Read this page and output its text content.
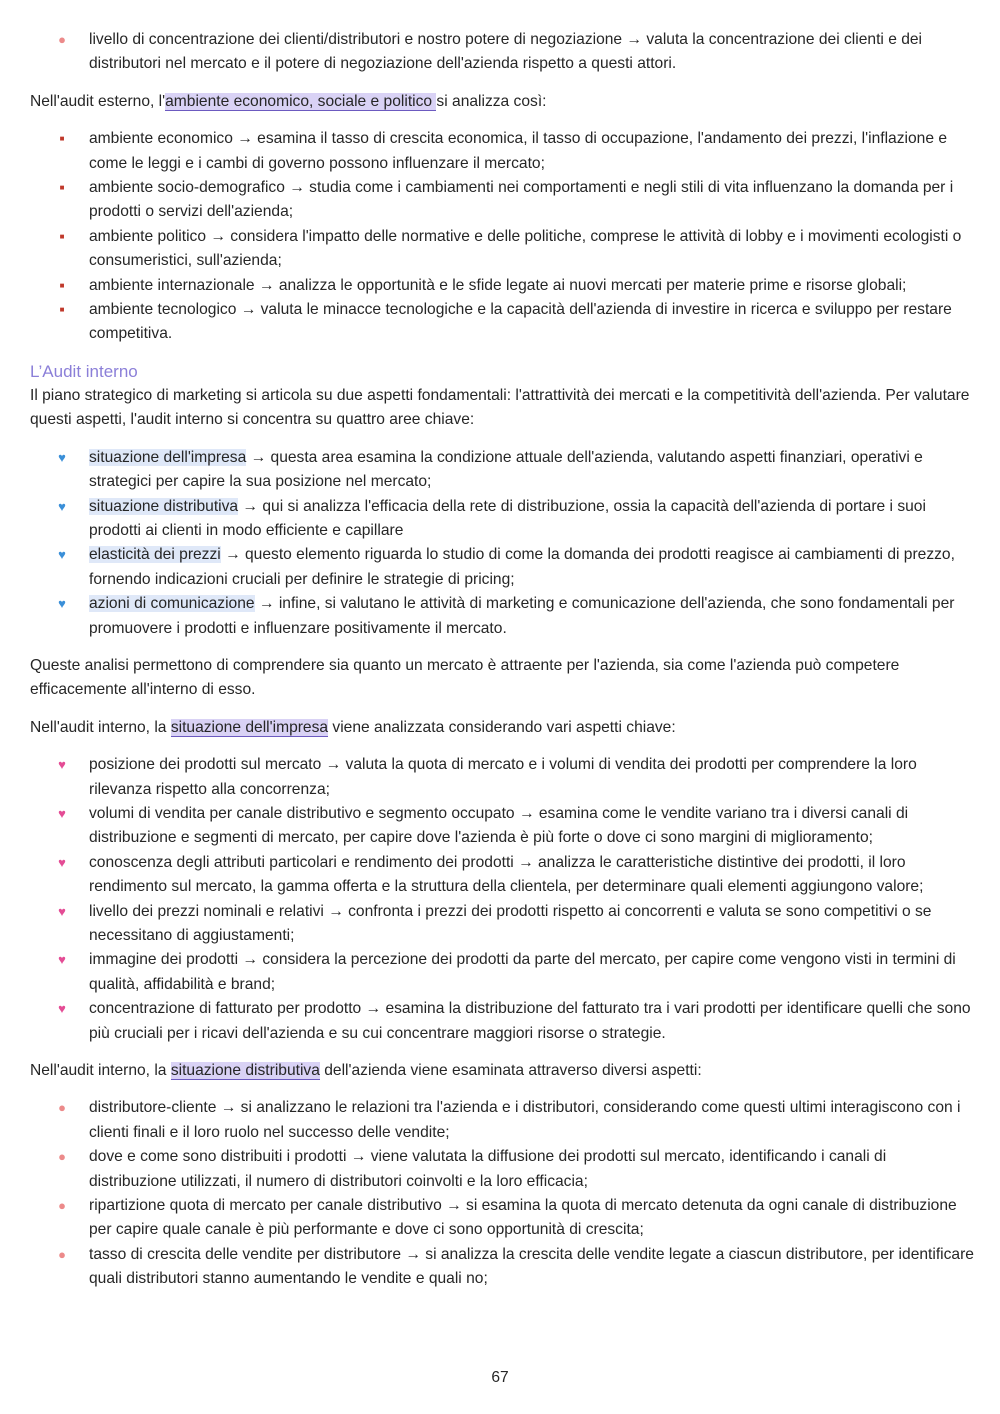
● livello di concentrazione dei clienti/distributori e nostro potere di negoziazione → valuta la concentrazione dei clienti e dei distributori nel mercato e il potere di negoziazione dell'azienda rispetto a questi attori.

Nell'audit esterno, l'ambiente economico, sociale e politico si analizza così:

■	ambiente economico → esamina il tasso di crescita economica, il tasso di occupazione, l'andamento dei prezzi, l'inflazione e come le leggi e i cambi di governo possono influenzare il mercato;
■	ambiente socio-demografico → studia come i cambiamenti nei comportamenti e negli stili di vita influenzano la domanda per i prodotti o servizi dell'azienda;
■	ambiente politico → considera l'impatto delle normative e delle politiche, comprese le attività di lobby e i movimenti ecologisti o consumeristici, sull'azienda;
■	ambiente internazionale → analizza le opportunità e le sfide legate ai nuovi mercati per materie prime e risorse globali;
■	ambiente tecnologico → valuta le minacce tecnologiche e la capacità dell'azienda di investire in ricerca e sviluppo per restare competitiva.
L’Audit interno

Il piano strategico di marketing si articola su due aspetti fondamentali: l'attrattività dei mercati e la competitività dell'azienda. Per valutare questi aspetti, l'audit interno si concentra su quattro aree chiave:

♥ situazione dell'impresa → questa area esamina la condizione attuale dell'azienda, valutando aspetti finanziari, operativi e strategici per capire la sua posizione nel mercato;
♥ situazione distributiva → qui si analizza l'efficacia della rete di distribuzione, ossia la capacità dell'azienda di portare i suoi prodotti ai clienti in modo efficiente e capillare
♥ elasticità dei prezzi → questo elemento riguarda lo studio di come la domanda dei prodotti reagisce ai cambiamenti di prezzo, fornendo indicazioni cruciali per definire le strategie di pricing;
♥ azioni di comunicazione → infine, si valutano le attività di marketing e comunicazione dell'azienda, che sono fondamentali per promuovere i prodotti e influenzare positivamente il mercato.

Queste analisi permettono di comprendere sia quanto un mercato è attraente per l'azienda, sia come l'azienda può competere efficacemente all'interno di esso.

Nell'audit interno, la situazione dell'impresa viene analizzata considerando vari aspetti chiave:

♥ posizione dei prodotti sul mercato → valuta la quota di mercato e i volumi di vendita dei prodotti per comprendere la loro rilevanza rispetto alla concorrenza;
♥ volumi di vendita per canale distributivo e segmento occupato → esamina come le vendite variano tra i diversi canali di distribuzione e segmenti di mercato, per capire dove l'azienda è più forte o dove ci sono margini di miglioramento;
♥ conoscenza degli attributi particolari e rendimento dei prodotti → analizza le caratteristiche distintive dei prodotti, il loro rendimento sul mercato, la gamma offerta e la struttura della clientela, per determinare quali elementi aggiungono valore;
♥ livello dei prezzi nominali e relativi → confronta i prezzi dei prodotti rispetto ai concorrenti e valuta se sono competitivi o se necessitano di aggiustamenti;
♥ immagine dei prodotti → considera la percezione dei prodotti da parte del mercato, per capire come vengono visti in termini di qualità, affidabilità e brand;
♥ concentrazione di fatturato per prodotto → esamina la distribuzione del fatturato tra i vari prodotti per identificare quelli che sono più cruciali per i ricavi dell'azienda e su cui concentrare maggiori risorse o strategie.

Nell'audit interno, la situazione distributiva dell'azienda viene esaminata attraverso diversi aspetti:

● distributore-cliente → si analizzano le relazioni tra l'azienda e i distributori, considerando come questi ultimi interagiscono con i clienti finali e il loro ruolo nel successo delle vendite;
● dove e come sono distribuiti i prodotti → viene valutata la diffusione dei prodotti sul mercato, identificando i canali di distribuzione utilizzati, il numero di distributori coinvolti e la loro efficacia;
● ripartizione quota di mercato per canale distributivo → si esamina la quota di mercato detenuta da ogni canale di distribuzione per capire quale canale è più performante e dove ci sono opportunità di crescita;
● tasso di crescita delle vendite per distributore → si analizza la crescita delle vendite legate a ciascun distributore, per identificare quali distributori stanno aumentando le vendite e quali no;
67
